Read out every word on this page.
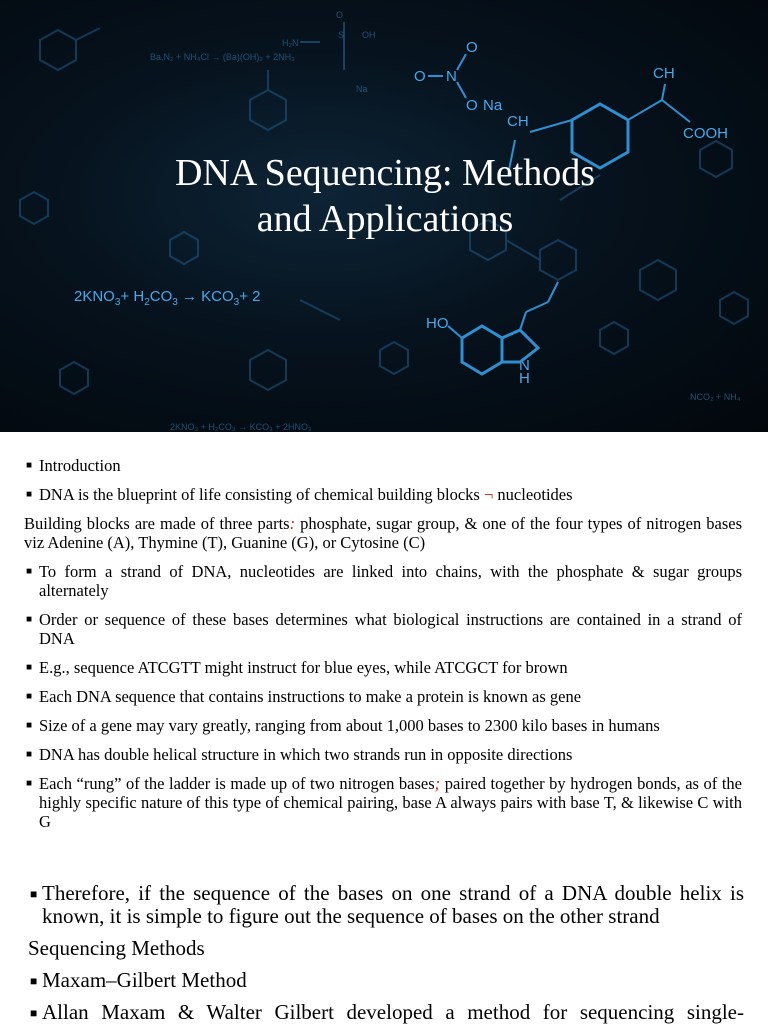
Ba,N₂ + NH₄Cl → (Ba)(OH)₂ + 2NH₃
2KNO₃ + H₂CO₃ → KCO₃ + 2HNO₃
NCO₂ + NH₄
H₂N
O
S OH
Na
O
O
N
O Na
CH
CH
COOH
HO
N
H
DNA Sequencing: Methods
and Applications
$2KNO_3+ H_2CO_3 \to KCO_3+ 2$
■ Introduction
■ DNA is the blueprint of life consisting of chemical building blocks ¬ nucleotides
Building blocks are made of three parts: phosphate, sugar group, & one of the four types of nitrogen bases viz Adenine (A), Thymine (T), Guanine (G), or Cytosine (C)
■ To form a strand of DNA, nucleotides are linked into chains, with the phosphate & sugar groups alternately
■ Order or sequence of these bases determines what biological instructions are contained in a strand of DNA
■ E.g., sequence ATCGTT might instruct for blue eyes, while ATCGCT for brown
■ Each DNA sequence that contains instructions to make a protein is known as gene
■ Size of a gene may vary greatly, ranging from about 1,000 bases to 2300 kilo bases in humans
■ DNA has double helical structure in which two strands run in opposite directions
■ Each “rung” of the ladder is made up of two nitrogen bases; paired together by hydrogen bonds, as of the highly specific nature of this type of chemical pairing, base A always pairs with base T, & likewise C with G
■ Therefore, if the sequence of the bases on one strand of a DNA double helix is known, it is simple to figure out the sequence of bases on the other strand
Sequencing Methods
■ Maxam–Gilbert Method
■ Allan Maxam & Walter Gilbert developed a method for sequencing single-
